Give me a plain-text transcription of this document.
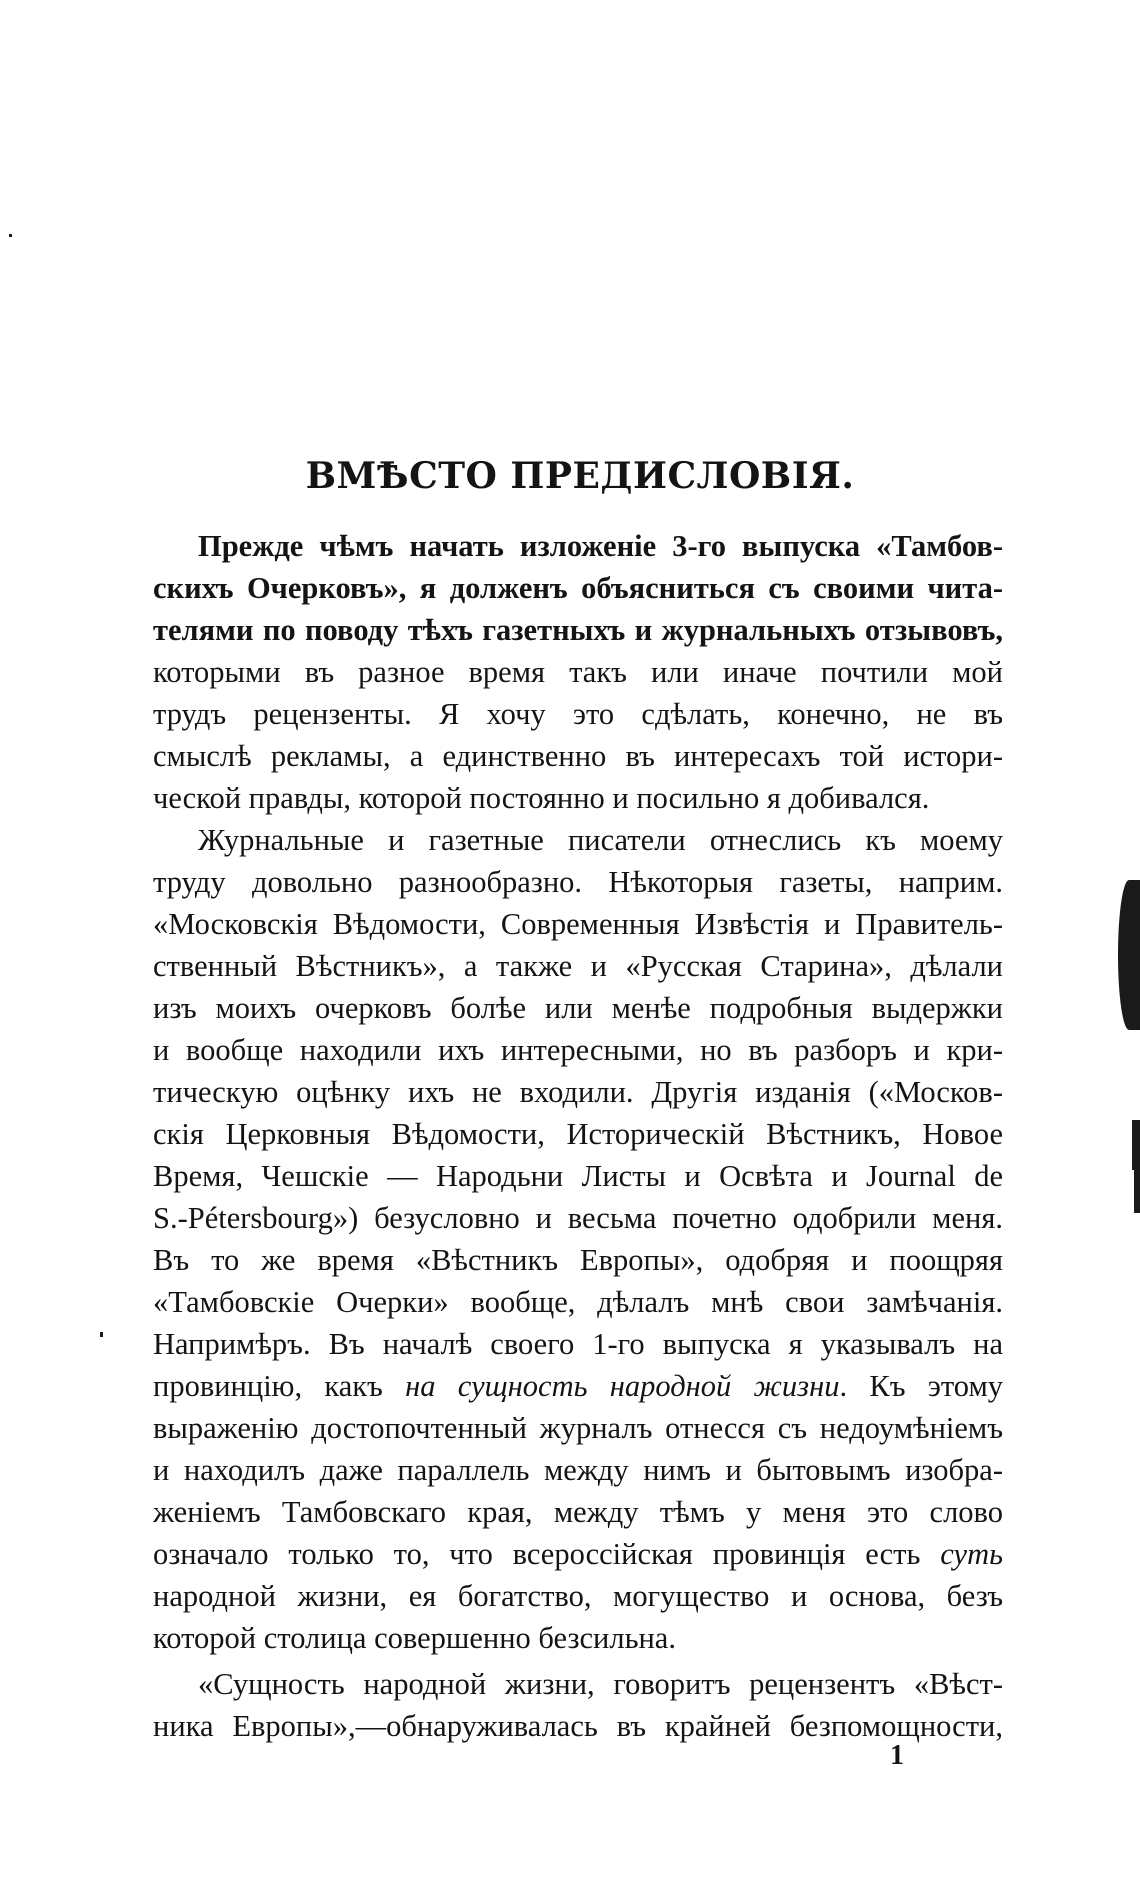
ВМѢСТО ПРЕДИСЛОВІЯ.
Прежде чѣмъ начать изложеніе 3-го выпуска «Тамбов-
скихъ Очерковъ», я долженъ объясниться съ своими чита-
телями по поводу тѣхъ газетныхъ и журнальныхъ отзывовъ,
которыми въ разное время такъ или иначе почтили мой
трудъ рецензенты. Я хочу это сдѣлать, конечно, не въ
смыслѣ рекламы, а единственно въ интересахъ той истори-
ческой правды, которой постоянно и посильно я добивался.
Журнальные и газетные писатели отнеслись къ моему
труду довольно разнообразно. Нѣкоторыя газеты, наприм.
«Московскія Вѣдомости, Современныя Извѣстія и Правитель-
ственный Вѣстникъ», а также и «Русская Старина», дѣлали
изъ моихъ очерковъ болѣе или менѣе подробныя выдержки
и вообще находили ихъ интересными, но въ разборъ и кри-
тическую оцѣнку ихъ не входили. Другія изданія («Москов-
скія Церковныя Вѣдомости, Историческій Вѣстникъ, Новое
Время, Чешскіе — Народьни Листы и Освѣта и Journal de
S.-Pétersbourg») безусловно и весьма почетно одобрили меня.
Въ то же время «Вѣстникъ Европы», одобряя и поощряя
«Тамбовскіе Очерки» вообще, дѣлалъ мнѣ свои замѣчанія.
Напримѣръ. Въ началѣ своего 1-го выпуска я указывалъ на
провинцію, какъ на сущность народной жизни. Къ этому
выраженію достопочтенный журналъ отнесся съ недоумѣніемъ
и находилъ даже параллель между нимъ и бытовымъ изобра-
женіемъ Тамбовскаго края, между тѣмъ у меня это слово
означало только то, что всероссійская провинція есть суть
народной жизни, ея богатство, могущество и основа, безъ
которой столица совершенно безсильна.
«Сущность народной жизни, говоритъ рецензентъ «Вѣст-
ника Европы»,—обнаруживалась въ крайней безпомощности,
1
